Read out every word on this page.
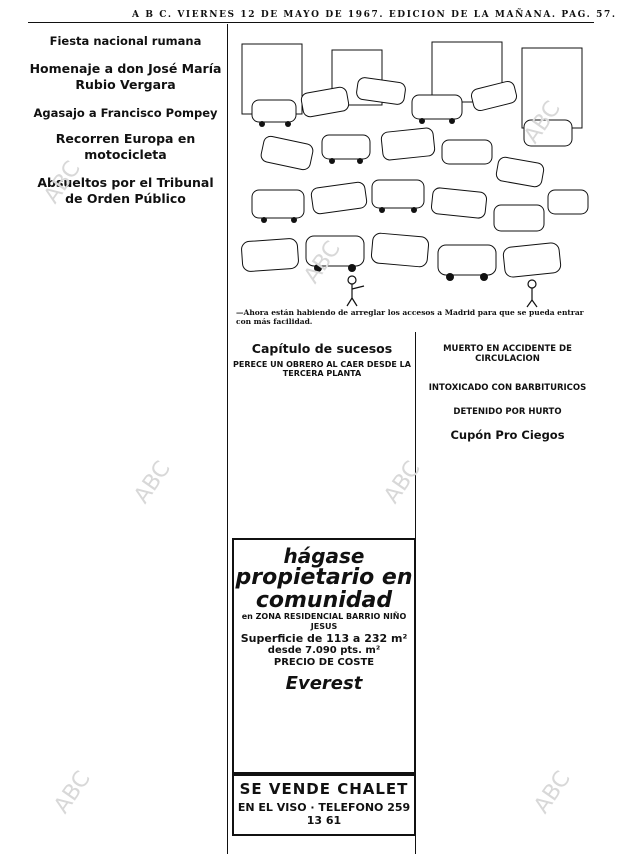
A B C. VIERNES 12 DE MAYO DE 1967. EDICION DE LA MAÑANA. PAG. 57.
Fiesta nacional rumana
Homenaje a don José María Rubio Vergara
Agasajo a Francisco Pompey
Recorren Europa en motocicleta
Absueltos por el Tribunal de Orden Público
—Ahora están habiendo de arreglar los accesos a Madrid para que se pueda entrar con más facilidad.
Capítulo de sucesos
PERECE UN OBRERO AL CAER DESDE LA TERCERA PLANTA
hágase
propietario en comunidad
en ZONA RESIDENCIAL BARRIO NIÑO JESUS
Superficie de 113 a 232 m²
desde 7.090 pts. m²
PRECIO DE COSTE
Everest
SE VENDE CHALET
EN EL VISO · TELEFONO 259 13 61
MUERTO EN ACCIDENTE DE CIRCULACION
INTOXICADO CON BARBITURICOS
DETENIDO POR HURTO
Cupón Pro Ciegos
ABC
ABC
ABC
ABC
ABC
ABC
ABC
